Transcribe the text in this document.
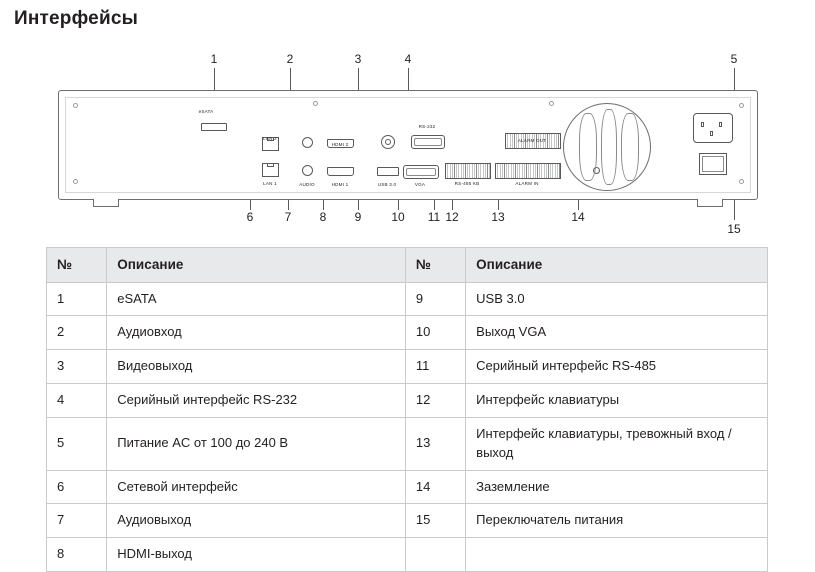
Интерфейсы
1	2	3	4	5
6	7	8	9	10	11 12	13	14
15
eSATA
LAN 2
LAN 1	AUDIO
HDMI 2
HDMI 1	USB 3.0
RS-232
VGA	RS-485 KB	ALARM IN
ALARM OUT
№	Описание	№	Описание
1	eSATA	9	USB 3.0
2	Аудиовход	10	Выход VGA
3	Видеовыход	11	Серийный интерфейс RS-485
4	Серийный интерфейс RS-232	12	Интерфейс клавиатуры
5	Питание AC от 100 до 240 В	13	Интерфейс клавиатуры, тревожный вход / выход
6	Сетевой интерфейс	14	Заземление
7	Аудиовыход	15	Переключатель питания
8	HDMI-выход		
